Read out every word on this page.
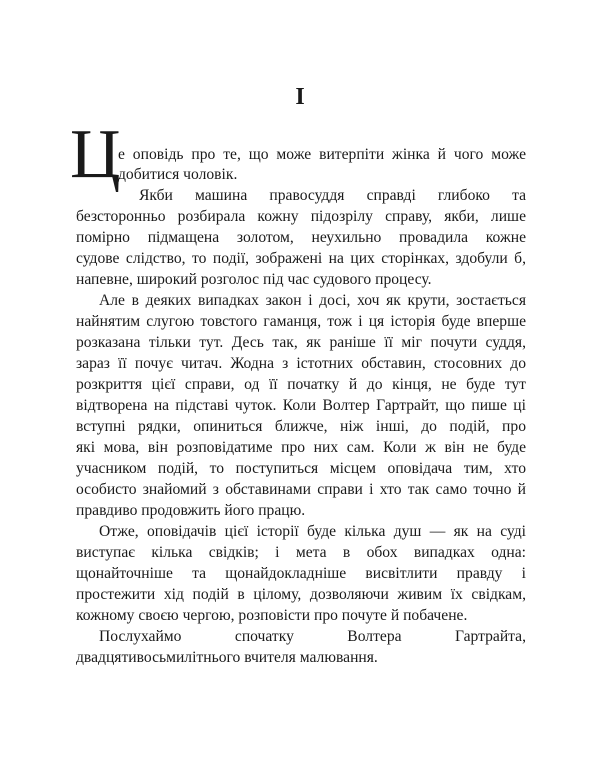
I
Ц
е оповідь про те, що може витерпіти жінка й чого може
добитися чоловік.
Якби машина правосуддя справді глибоко та
безсторонньо розбирала кожну підозрілу справу, якби, лише
помірно підмащена золотом, неухильно провадила кожне
судове слідство, то події, зображені на цих сторінках, здобули б,
напевне, широкий розголос під час судового процесу.
Але в деяких випадках закон і досі, хоч як крути, зостається
найнятим слугою товстого гаманця, тож і ця історія буде вперше
розказана тільки тут. Десь так, як раніше її міг почути суддя,
зараз її почує читач. Жодна з істотних обставин, стосовних до
розкриття цієї справи, од її початку й до кінця, не буде тут
відтворена на підставі чуток. Коли Волтер Гартрайт, що пише ці
вступні рядки, опиниться ближче, ніж інші, до подій, про
які мова, він розповідатиме про них сам. Коли ж він не буде
учасником подій, то поступиться місцем оповідача тим, хто
особисто знайомий з обставинами справи і хто так само точно й
правдиво продовжить його працю.
Отже, оповідачів цієї історії буде кілька душ — як на суді
виступає кілька свідків; і мета в обох випадках одна:
щонайточніше та щонайдокладніше висвітлити правду і
простежити хід подій в цілому, дозволяючи живим їх свідкам,
кожному своєю чергою, розповісти про почуте й побачене.
Послухаймо спочатку Волтера Гартрайта,
двадцятивосьмилітнього вчителя малювання.
